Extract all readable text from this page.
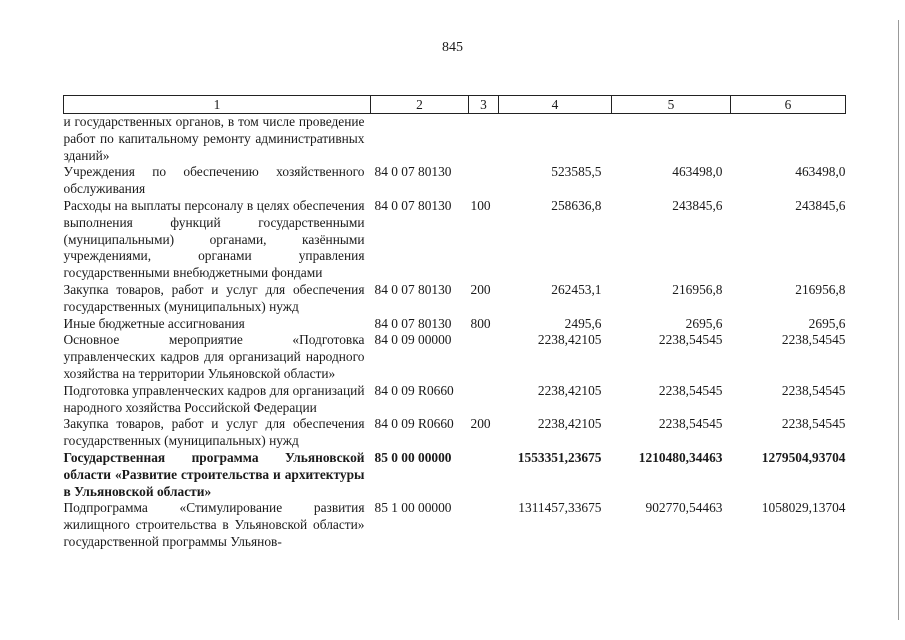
845
1	2	3	4	5	6
и государственных органов, в том числе проведение работ по капитальному ремонту административных зданий»					
Учреждения по обеспечению хозяйственного обслуживания	84 0 07 80130		523585,5	463498,0	463498,0
Расходы на выплаты персоналу в целях обеспечения выполнения функций государственными (муниципальными) органами, казёнными учреждениями, органами управления государственными внебюджетными фондами	84 0 07 80130	100	258636,8	243845,6	243845,6
Закупка товаров, работ и услуг для обеспечения государственных (муниципальных) нужд	84 0 07 80130	200	262453,1	216956,8	216956,8
Иные бюджетные ассигнования	84 0 07 80130	800	2495,6	2695,6	2695,6
Основное мероприятие «Подготовка управленческих кадров для организаций народного хозяйства на территории Ульяновской области»	84 0 09 00000		2238,42105	2238,54545	2238,54545
Подготовка управленческих кадров для организаций народного хозяйства Российской Федерации	84 0 09 R0660		2238,42105	2238,54545	2238,54545
Закупка товаров, работ и услуг для обеспечения государственных (муниципальных) нужд	84 0 09 R0660	200	2238,42105	2238,54545	2238,54545
Государственная программа Ульяновской области «Развитие строительства и архитектуры в Ульяновской области»	85 0 00 00000		1553351,23675	1210480,34463	1279504,93704
Подпрограмма «Стимулирование развития жилищного строительства в Ульяновской области» государственной программы Ульянов-	85 1 00 00000		1311457,33675	902770,54463	1058029,13704
